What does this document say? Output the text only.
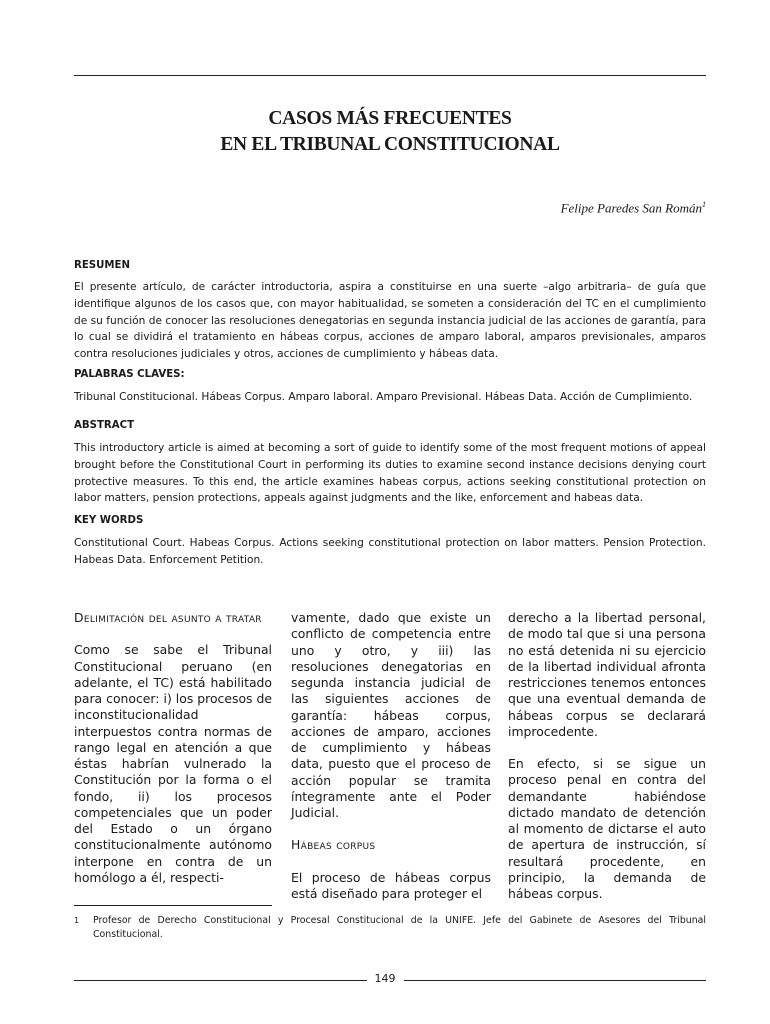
CASOS MÁS FRECUENTES
EN EL TRIBUNAL CONSTITUCIONAL
Felipe Paredes San Román$^1$
RESUMEN

El presente artículo, de carácter introductoria, aspira a constituirse en una suerte –algo arbitraria– de guía que identifique algunos de los casos que, con mayor habitualidad, se someten a consideración del TC en el cumplimiento de su función de conocer las resoluciones denegatorias en segunda instancia judicial de las acciones de garantía, para lo cual se dividirá el tratamiento en hábeas corpus, acciones de amparo laboral, amparos previsionales, amparos contra resoluciones judiciales y otros, acciones de cumplimiento y hábeas data.

PALABRAS CLAVES:

Tribunal Constitucional. Hábeas Corpus. Amparo laboral. Amparo Previsional. Hábeas Data. Acción de Cumplimiento.

ABSTRACT

This introductory article is aimed at becoming a sort of guide to identify some of the most frequent motions of appeal brought before the Constitutional Court in performing its duties to examine second instance decisions denying court protective measures. To this end, the article examines habeas corpus, actions seeking constitutional protection on labor matters, pension protections, appeals against judgments and the like, enforcement and habeas data.

KEY WORDS

Constitutional Court. Habeas Corpus. Actions seeking constitutional protection on labor matters. Pension Protection. Habeas Data. Enforcement Petition.

Delimitación del asunto a tratar

Como se sabe el Tribunal Constitucional peruano (en adelante, el TC) está habilitado para conocer: i) los procesos de inconstitucionalidad interpuestos contra normas de rango legal en atención a que éstas habrían vulnerado la Constitución por la forma o el fondo, ii) los procesos competenciales que un poder del Estado o un órgano constitucionalmente autónomo interpone en contra de un homólogo a él, respecti-

vamente, dado que existe un conflicto de competencia entre uno y otro, y iii) las resoluciones denegatorias en segunda instancia judicial de las siguientes acciones de garantía: hábeas corpus, acciones de amparo, acciones de cumplimiento y hábeas data, puesto que el proceso de acción popular se tramita íntegramente ante el Poder Judicial.

Hábeas corpus

El proceso de hábeas corpus está diseñado para proteger el

derecho a la libertad personal, de modo tal que si una persona no está detenida ni su ejercicio de la libertad individual afronta restricciones tenemos entonces que una eventual demanda de hábeas corpus se declarará improcedente.

En efecto, si se sigue un proceso penal en contra del demandante habiéndose dictado mandato de detención al momento de dictarse el auto de apertura de instrucción, sí resultará procedente, en principio, la demanda de hábeas corpus.

1 Profesor de Derecho Constitucional y Procesal Constitucional de la UNIFE. Jefe del Gabinete de Asesores del Tribunal Constitucional.
149
